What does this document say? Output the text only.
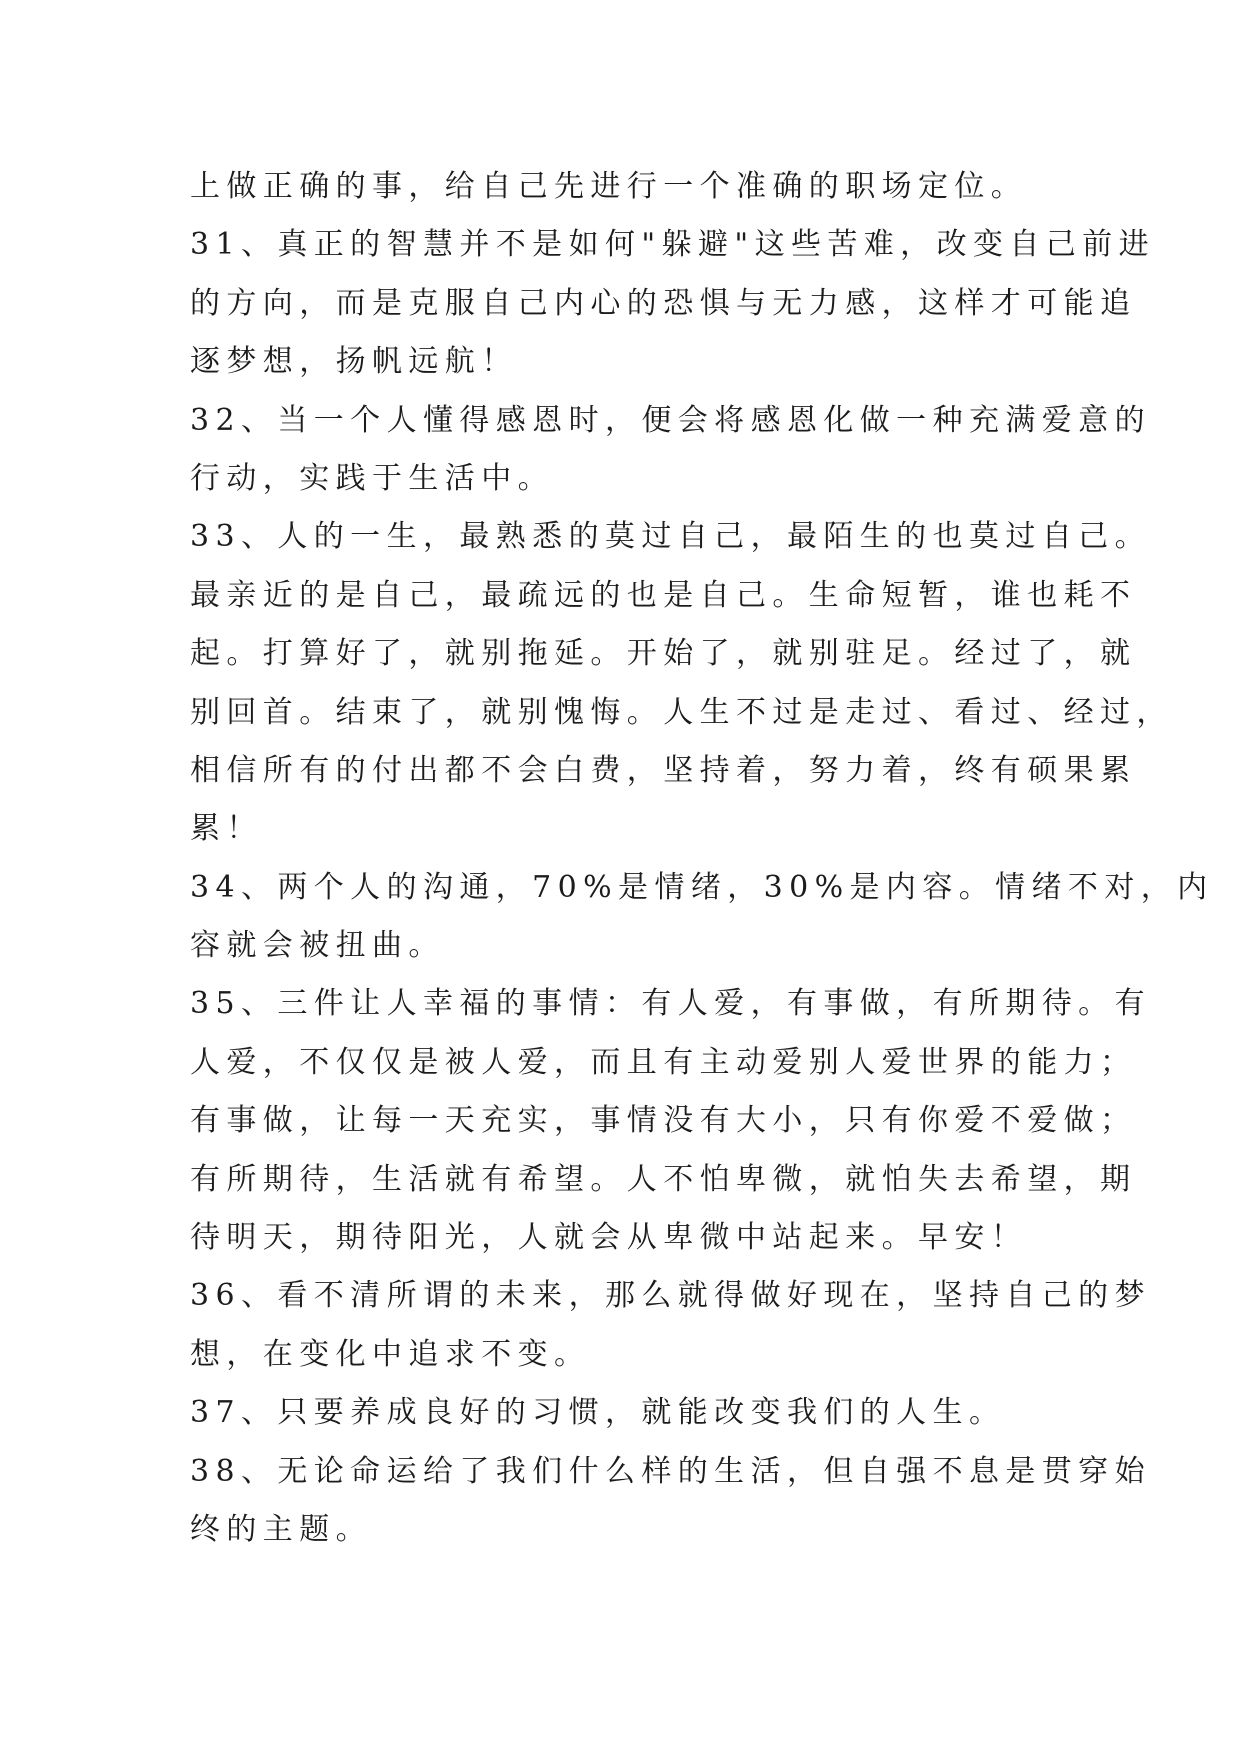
上做正确的事，给自己先进行一个准确的职场定位。
31、真正的智慧并不是如何"躲避"这些苦难，改变自己前进
的方向，而是克服自己内心的恐惧与无力感，这样才可能追
逐梦想，扬帆远航！
32、当一个人懂得感恩时，便会将感恩化做一种充满爱意的
行动，实践于生活中。
33、人的一生，最熟悉的莫过自己，最陌生的也莫过自己。
最亲近的是自己，最疏远的也是自己。生命短暂，谁也耗不
起。打算好了，就别拖延。开始了，就别驻足。经过了，就
别回首。结束了，就别愧悔。人生不过是走过、看过、经过，
相信所有的付出都不会白费，坚持着，努力着，终有硕果累
累！
34、两个人的沟通，70%是情绪，30%是内容。情绪不对，内
容就会被扭曲。
35、三件让人幸福的事情：有人爱，有事做，有所期待。有
人爱，不仅仅是被人爱，而且有主动爱别人爱世界的能力；
有事做，让每一天充实，事情没有大小，只有你爱不爱做；
有所期待，生活就有希望。人不怕卑微，就怕失去希望，期
待明天，期待阳光，人就会从卑微中站起来。早安！
36、看不清所谓的未来，那么就得做好现在，坚持自己的梦
想，在变化中追求不变。
37、只要养成良好的习惯，就能改变我们的人生。
38、无论命运给了我们什么样的生活，但自强不息是贯穿始
终的主题。
